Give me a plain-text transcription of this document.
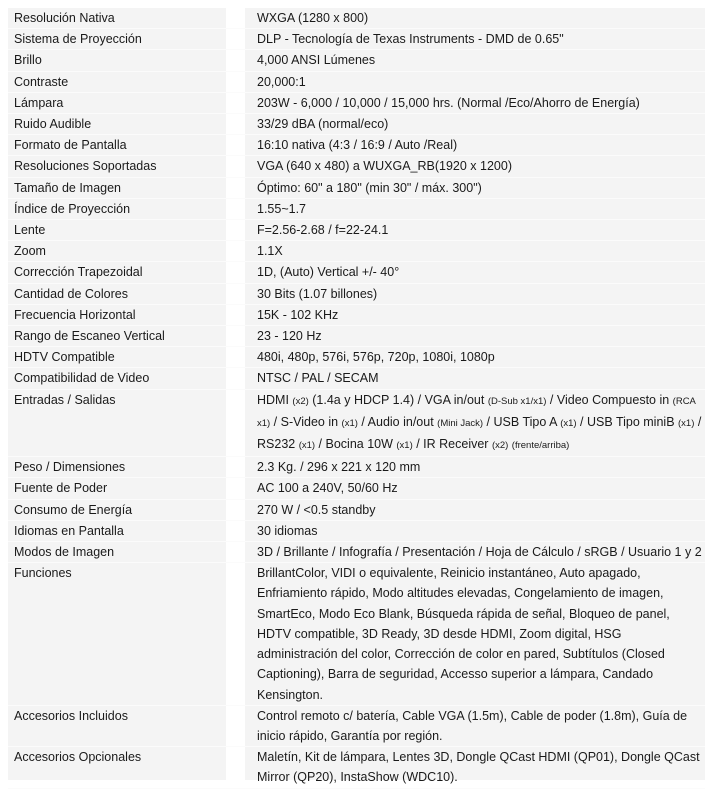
Resolución Nativa	WXGA (1280 x 800)
Sistema de Proyección	DLP - Tecnología de Texas Instruments - DMD de 0.65"
Brillo	4,000 ANSI Lúmenes
Contraste	20,000:1
Lámpara	203W - 6,000 / 10,000 / 15,000 hrs. (Normal /Eco/Ahorro de Energía)
Ruido Audible	33/29 dBA (normal/eco)
Formato de Pantalla	16:10 nativa (4:3 / 16:9 / Auto /Real)
Resoluciones Soportadas	VGA (640 x 480) a WUXGA_RB(1920 x 1200)
Tamaño de Imagen	Óptimo: 60" a 180" (min 30" / máx. 300")
Índice de Proyección	1.55~1.7
Lente	F=2.56-2.68 / f=22-24.1
Zoom	1.1X
Corrección Trapezoidal	1D, (Auto) Vertical +/- 40°
Cantidad de Colores	30 Bits (1.07 billones)
Frecuencia Horizontal	15K - 102 KHz
Rango de Escaneo Vertical	23 - 120 Hz
HDTV Compatible	480i, 480p, 576i, 576p, 720p, 1080i, 1080p
Compatibilidad de Video	NTSC / PAL / SECAM
Entradas / Salidas	HDMI (x2) (1.4a y HDCP 1.4) / VGA in/out (D-Sub x1/x1) / Video Compuesto in (RCA x1) / S-Video in (x1) / Audio in/out (Mini Jack) / USB Tipo A (x1) / USB Tipo miniB (x1) / RS232 (x1) / Bocina 10W (x1) / IR Receiver (x2) (frente/arriba)
Peso / Dimensiones	2.3 Kg. / 296 x 221 x 120 mm
Fuente de Poder	AC 100 a 240V, 50/60 Hz
Consumo de Energía	270 W / <0.5 standby
Idiomas en Pantalla	30 idiomas
Modos de Imagen	3D / Brillante / Infografía / Presentación / Hoja de Cálculo / sRGB / Usuario 1 y 2
Funciones	BrillantColor, VIDI o equivalente, Reinicio instantáneo, Auto apagado, Enfriamiento rápido, Modo altitudes elevadas, Congelamiento de imagen, SmartEco, Modo Eco Blank, Búsqueda rápida de señal, Bloqueo de panel, HDTV compatible, 3D Ready, 3D desde HDMI, Zoom digital, HSG administración del color, Corrección de color en pared, Subtítulos (Closed Captioning), Barra de seguridad, Accesso superior a lámpara, Candado Kensington.
Accesorios Incluidos	Control remoto c/ batería, Cable VGA (1.5m), Cable de poder (1.8m), Guía de inicio rápido, Garantía por región.
Accesorios Opcionales	Maletín, Kit de lámpara, Lentes 3D, Dongle QCast HDMI (QP01), Dongle QCast Mirror (QP20), InstaShow (WDC10).
